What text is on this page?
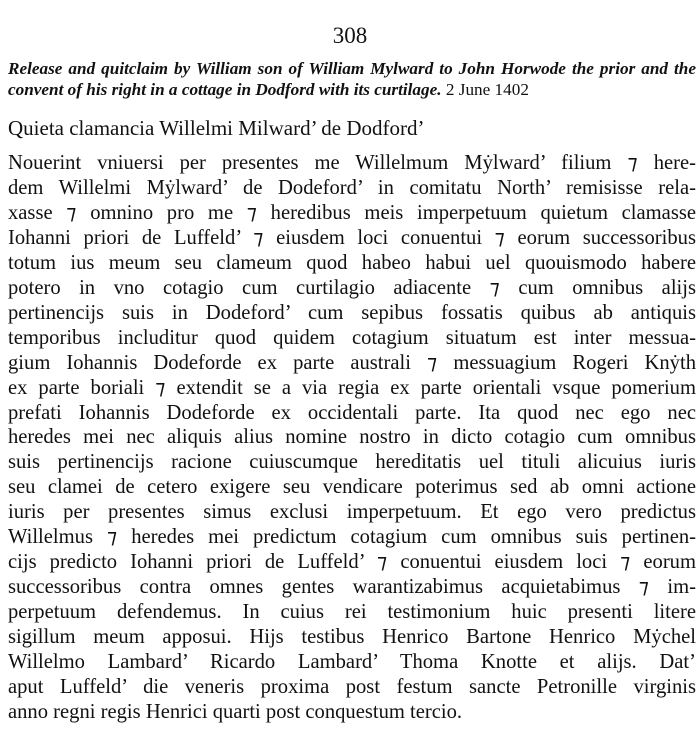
308
Release and quitclaim by William son of William Mylward to John Horwode the prior and the convent of his right in a cottage in Dodford with its curtilage. 2 June 1402
Quieta clamancia Willelmi Milward’ de Dodford’
Nouerint vniuersi per presentes me Willelmum Mẏlward’ filium ⁊ here-
dem Willelmi Mẏlward’ de Dodeford’ in comitatu North’ remisisse rela-
xasse ⁊ omnino pro me ⁊ heredibus meis imperpetuum quietum clamasse
Iohanni priori de Luffeld’ ⁊ eiusdem loci conuentui ⁊ eorum successoribus
totum ius meum seu clameum quod habeo habui uel quouismodo habere
potero in vno cotagio cum curtilagio adiacente ⁊ cum omnibus alijs
pertinencijs suis in Dodeford’ cum sepibus fossatis quibus ab antiquis
temporibus includitur quod quidem cotagium situatum est inter messua-
gium Iohannis Dodeforde ex parte australi ⁊ messuagium Rogeri Knẏth
ex parte boriali ⁊ extendit se a via regia ex parte orientali vsque pomerium
prefati Iohannis Dodeforde ex occidentali parte. Ita quod nec ego nec
heredes mei nec aliquis alius nomine nostro in dicto cotagio cum omnibus
suis pertinencijs racione cuiuscumque hereditatis uel tituli alicuius iuris
seu clamei de cetero exigere seu vendicare poterimus sed ab omni actione
iuris per presentes simus exclusi imperpetuum. Et ego vero predictus
Willelmus ⁊ heredes mei predictum cotagium cum omnibus suis pertinen-
cijs predicto Iohanni priori de Luffeld’ ⁊ conuentui eiusdem loci ⁊ eorum
successoribus contra omnes gentes warantizabimus acquietabimus ⁊ im-
perpetuum defendemus. In cuius rei testimonium huic presenti litere
sigillum meum apposui. Hijs testibus Henrico Bartone Henrico Mẏchel
Willelmo Lambard’ Ricardo Lambard’ Thoma Knotte et alijs. Dat’
aput Luffeld’ die veneris proxima post festum sancte Petronille virginis
anno regni regis Henrici quarti post conquestum tercio.
